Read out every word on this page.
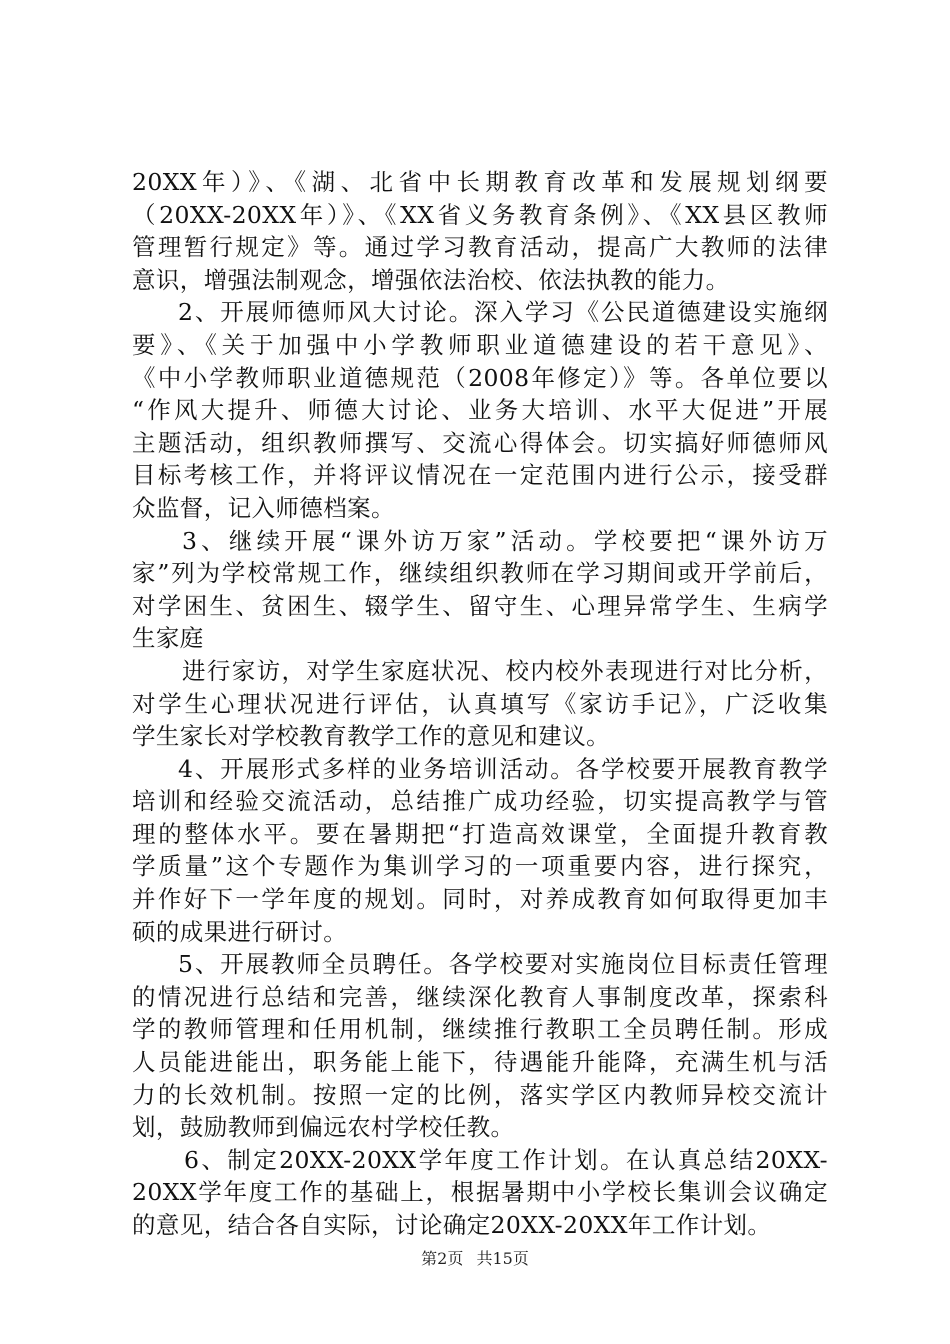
20XX年）》、《湖、北省中长期教育改革和发展规划纲要
（20XX-20XX年）》、《XX省义务教育条例》、《XX县区教师
管理暂行规定》等。通过学习教育活动，提高广大教师的法律
意识，增强法制观念，增强依法治校、依法执教的能力。
2、开展师德师风大讨论。深入学习《公民道德建设实施纲
要》、《关于加强中小学教师职业道德建设的若干意见》、
《中小学教师职业道德规范（2008年修定）》等。各单位要以
“作风大提升、师德大讨论、业务大培训、水平大促进”开展
主题活动，组织教师撰写、交流心得体会。切实搞好师德师风
目标考核工作，并将评议情况在一定范围内进行公示，接受群
众监督，记入师德档案。
3、继续开展“课外访万家”活动。学校要把“课外访万
家”列为学校常规工作，继续组织教师在学习期间或开学前后，
对学困生、贫困生、辍学生、留守生、心理异常学生、生病学
生家庭
进行家访，对学生家庭状况、校内校外表现进行对比分析，
对学生心理状况进行评估，认真填写《家访手记》，广泛收集
学生家长对学校教育教学工作的意见和建议。
4、开展形式多样的业务培训活动。各学校要开展教育教学
培训和经验交流活动，总结推广成功经验，切实提高教学与管
理的整体水平。要在暑期把“打造高效课堂，全面提升教育教
学质量”这个专题作为集训学习的一项重要内容，进行探究，
并作好下一学年度的规划。同时，对养成教育如何取得更加丰
硕的成果进行研讨。
5、开展教师全员聘任。各学校要对实施岗位目标责任管理
的情况进行总结和完善，继续深化教育人事制度改革，探索科
学的教师管理和任用机制，继续推行教职工全员聘任制。形成
人员能进能出，职务能上能下，待遇能升能降，充满生机与活
力的长效机制。按照一定的比例，落实学区内教师异校交流计
划，鼓励教师到偏远农村学校任教。
6、制定20XX-20XX学年度工作计划。在认真总结20XX-
20XX学年度工作的基础上，根据暑期中小学校长集训会议确定
的意见，结合各自实际，讨论确定20XX-20XX年工作计划。
第2页 共15页
